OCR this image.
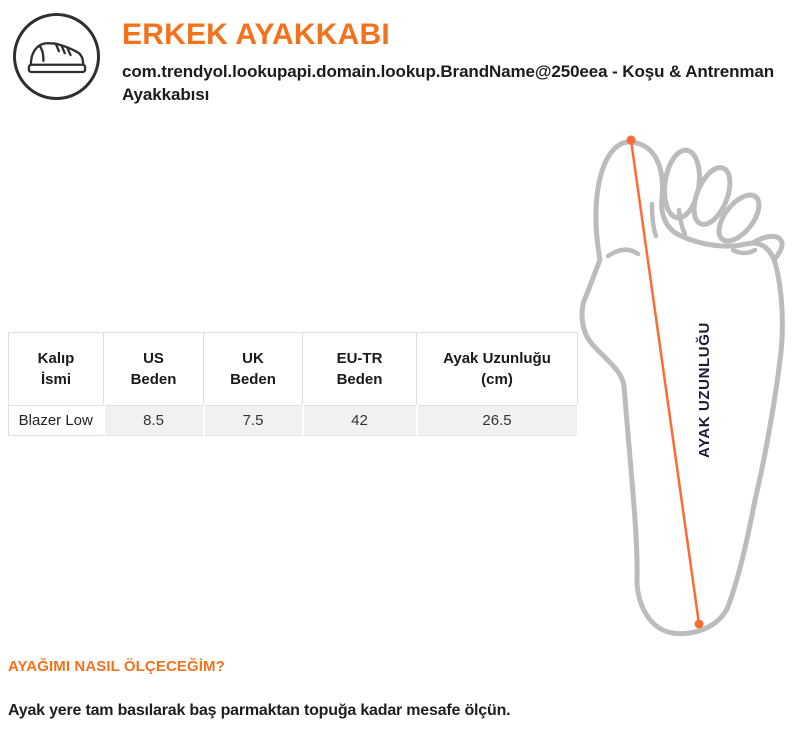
ERKEK AYAKKABI
com.trendyol.lookupapi.domain.lookup.BrandName@250eea - Koşu & Antrenman Ayakkabısı
AYAK UZUNLUĞU
Kalıp İsmi	US Beden	UK Beden	EU-TR Beden	Ayak Uzunluğu (cm)
Blazer Low	8.5	7.5	42	26.5
AYAĞIMI NASIL ÖLÇECEĞİM?
Ayak yere tam basılarak baş parmaktan topuğa kadar mesafe ölçün.
